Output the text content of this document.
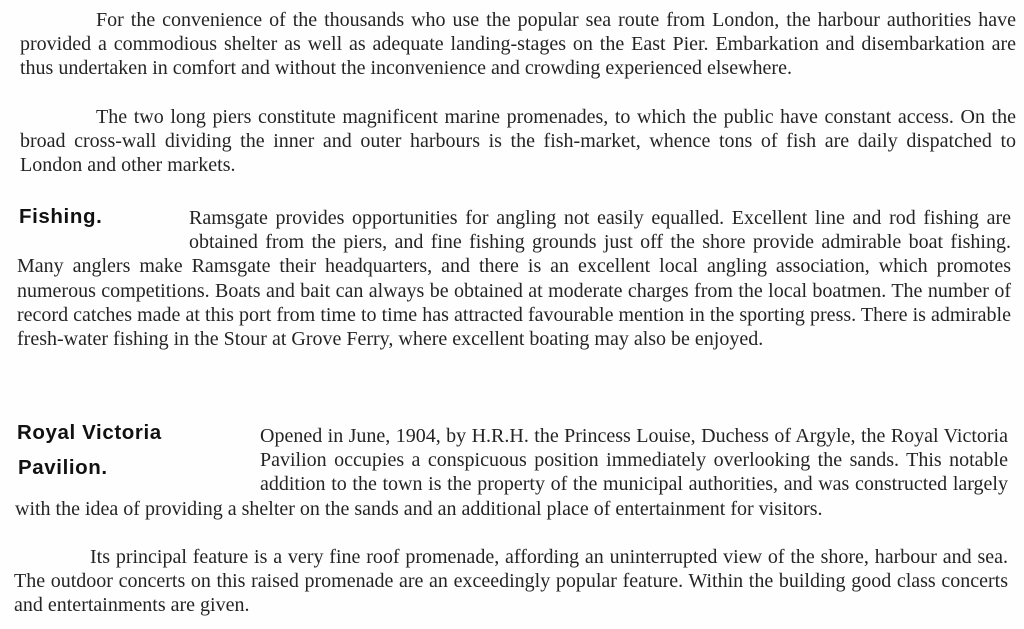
For the convenience of the thousands who use the popular sea route from London, the harbour authorities have provided a commodious shelter as well as adequate landing-stages on the East Pier. Embarkation and disembarkation are thus undertaken in comfort and without the inconvenience and crowding experienced elsewhere.

The two long piers constitute magnificent marine promenades, to which the public have constant access. On the broad cross-wall dividing the inner and outer harbours is the fish-market, whence tons of fish are daily dispatched to London and other markets.

Ramsgate provides opportunities for angling not easily equalled. Excellent line and rod fishing are obtained from the piers, and fine fishing grounds just off the shore provide admirable boat fishing. Many anglers make Ramsgate their headquarters, and there is an excellent local angling association, which promotes numerous competitions. Boats and bait can always be obtained at moderate charges from the local boatmen. The number of record catches made at this port from time to time has attracted favourable mention in the sporting press. There is admirable fresh-water fishing in the Stour at Grove Ferry, where excellent boating may also be enjoyed.

Fishing.

Opened in June, 1904, by H.R.H. the Princess Louise, Duchess of Argyle, the Royal Victoria Pavilion occupies a conspicuous position immediately overlooking the sands. This notable addition to the town is the property of the municipal authorities, and was constructed largely with the idea of providing a shelter on the sands and an additional place of entertainment for visitors.

Royal Victoria
Pavilion.

Its principal feature is a very fine roof promenade, affording an uninterrupted view of the shore, harbour and sea. The outdoor concerts on this raised promenade are an exceedingly popular feature. Within the building good class concerts and entertainments are given.
